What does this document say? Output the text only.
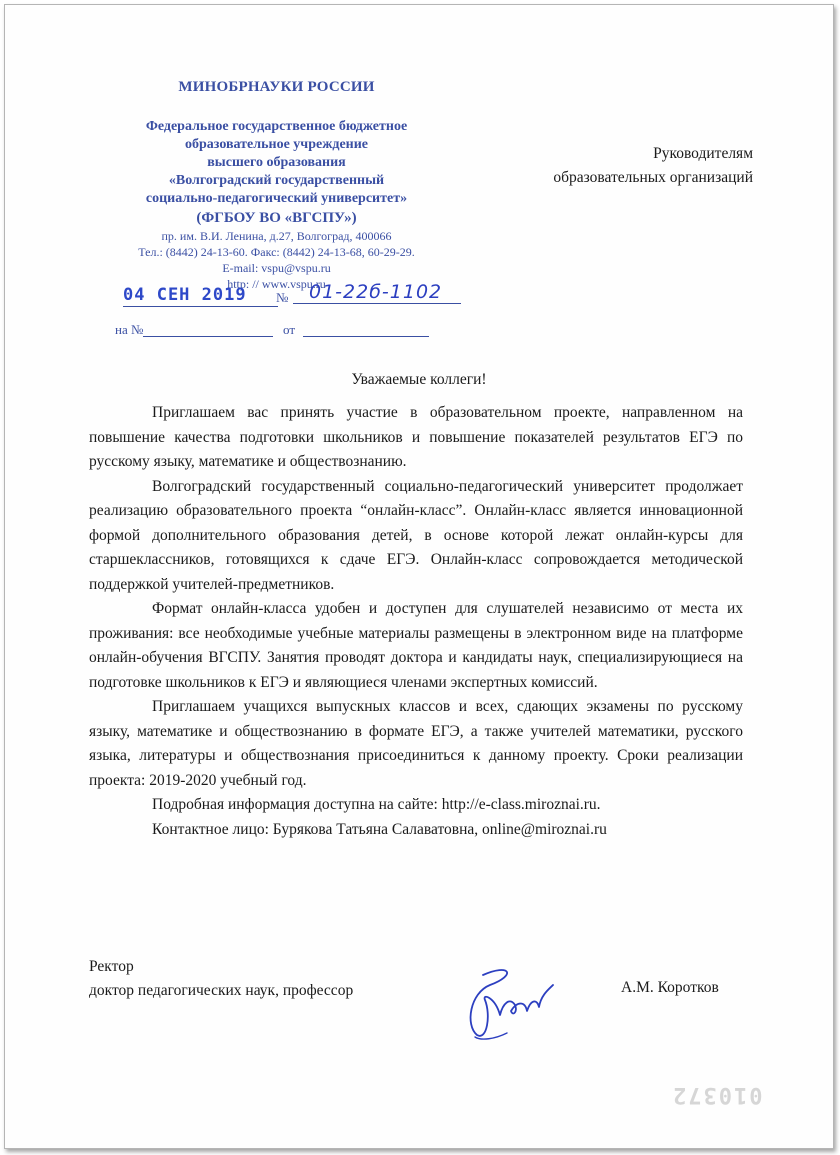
МИНОБРНАУКИ РОССИИ
Федеральное государственное бюджетное
образовательное учреждение
высшего образования
«Волгоградский государственный
социально-педагогический университет»
(ФГБОУ ВО «ВГСПУ»)
пр. им. В.И. Ленина, д.27, Волгоград, 400066
Тел.: (8442) 24-13-60. Факс: (8442) 24-13-68, 60-29-29.
E-mail: vspu@vspu.ru
http: // www.vspu.ru
04 СЕН 2019	№	01-22б-1102
на №	от
Руководителям
образовательных организаций
Уважаемые коллеги!

Приглашаем вас принять участие в образовательном проекте, направленном на повышение качества подготовки школьников и повышение показателей результатов ЕГЭ по русскому языку, математике и обществознанию.

Волгоградский государственный социально-педагогический университет продолжает реализацию образовательного проекта “онлайн-класс”. Онлайн-класс является инновационной формой дополнительного образования детей, в основе которой лежат онлайн-курсы для старшеклассников, готовящихся к сдаче ЕГЭ. Онлайн-класс сопровождается методической поддержкой учителей-предметников.

Формат онлайн-класса удобен и доступен для слушателей независимо от места их проживания: все необходимые учебные материалы размещены в электронном виде на платформе онлайн-обучения ВГСПУ. Занятия проводят доктора и кандидаты наук, специализирующиеся на подготовке школьников к ЕГЭ и являющиеся членами экспертных комиссий.

Приглашаем учащихся выпускных классов и всех, сдающих экзамены по русскому языку, математике и обществознанию в формате ЕГЭ, а также учителей математики, русского языка, литературы и обществознания присоединиться к данному проекту. Сроки реализации проекта: 2019-2020 учебный год.

Подробная информация доступна на сайте: http://e-class.miroznai.ru.

Контактное лицо: Бурякова Татьяна Салаватовна, online@miroznai.ru

Ректор
доктор педагогических наук, профессор	А.М. Коротков
010372
